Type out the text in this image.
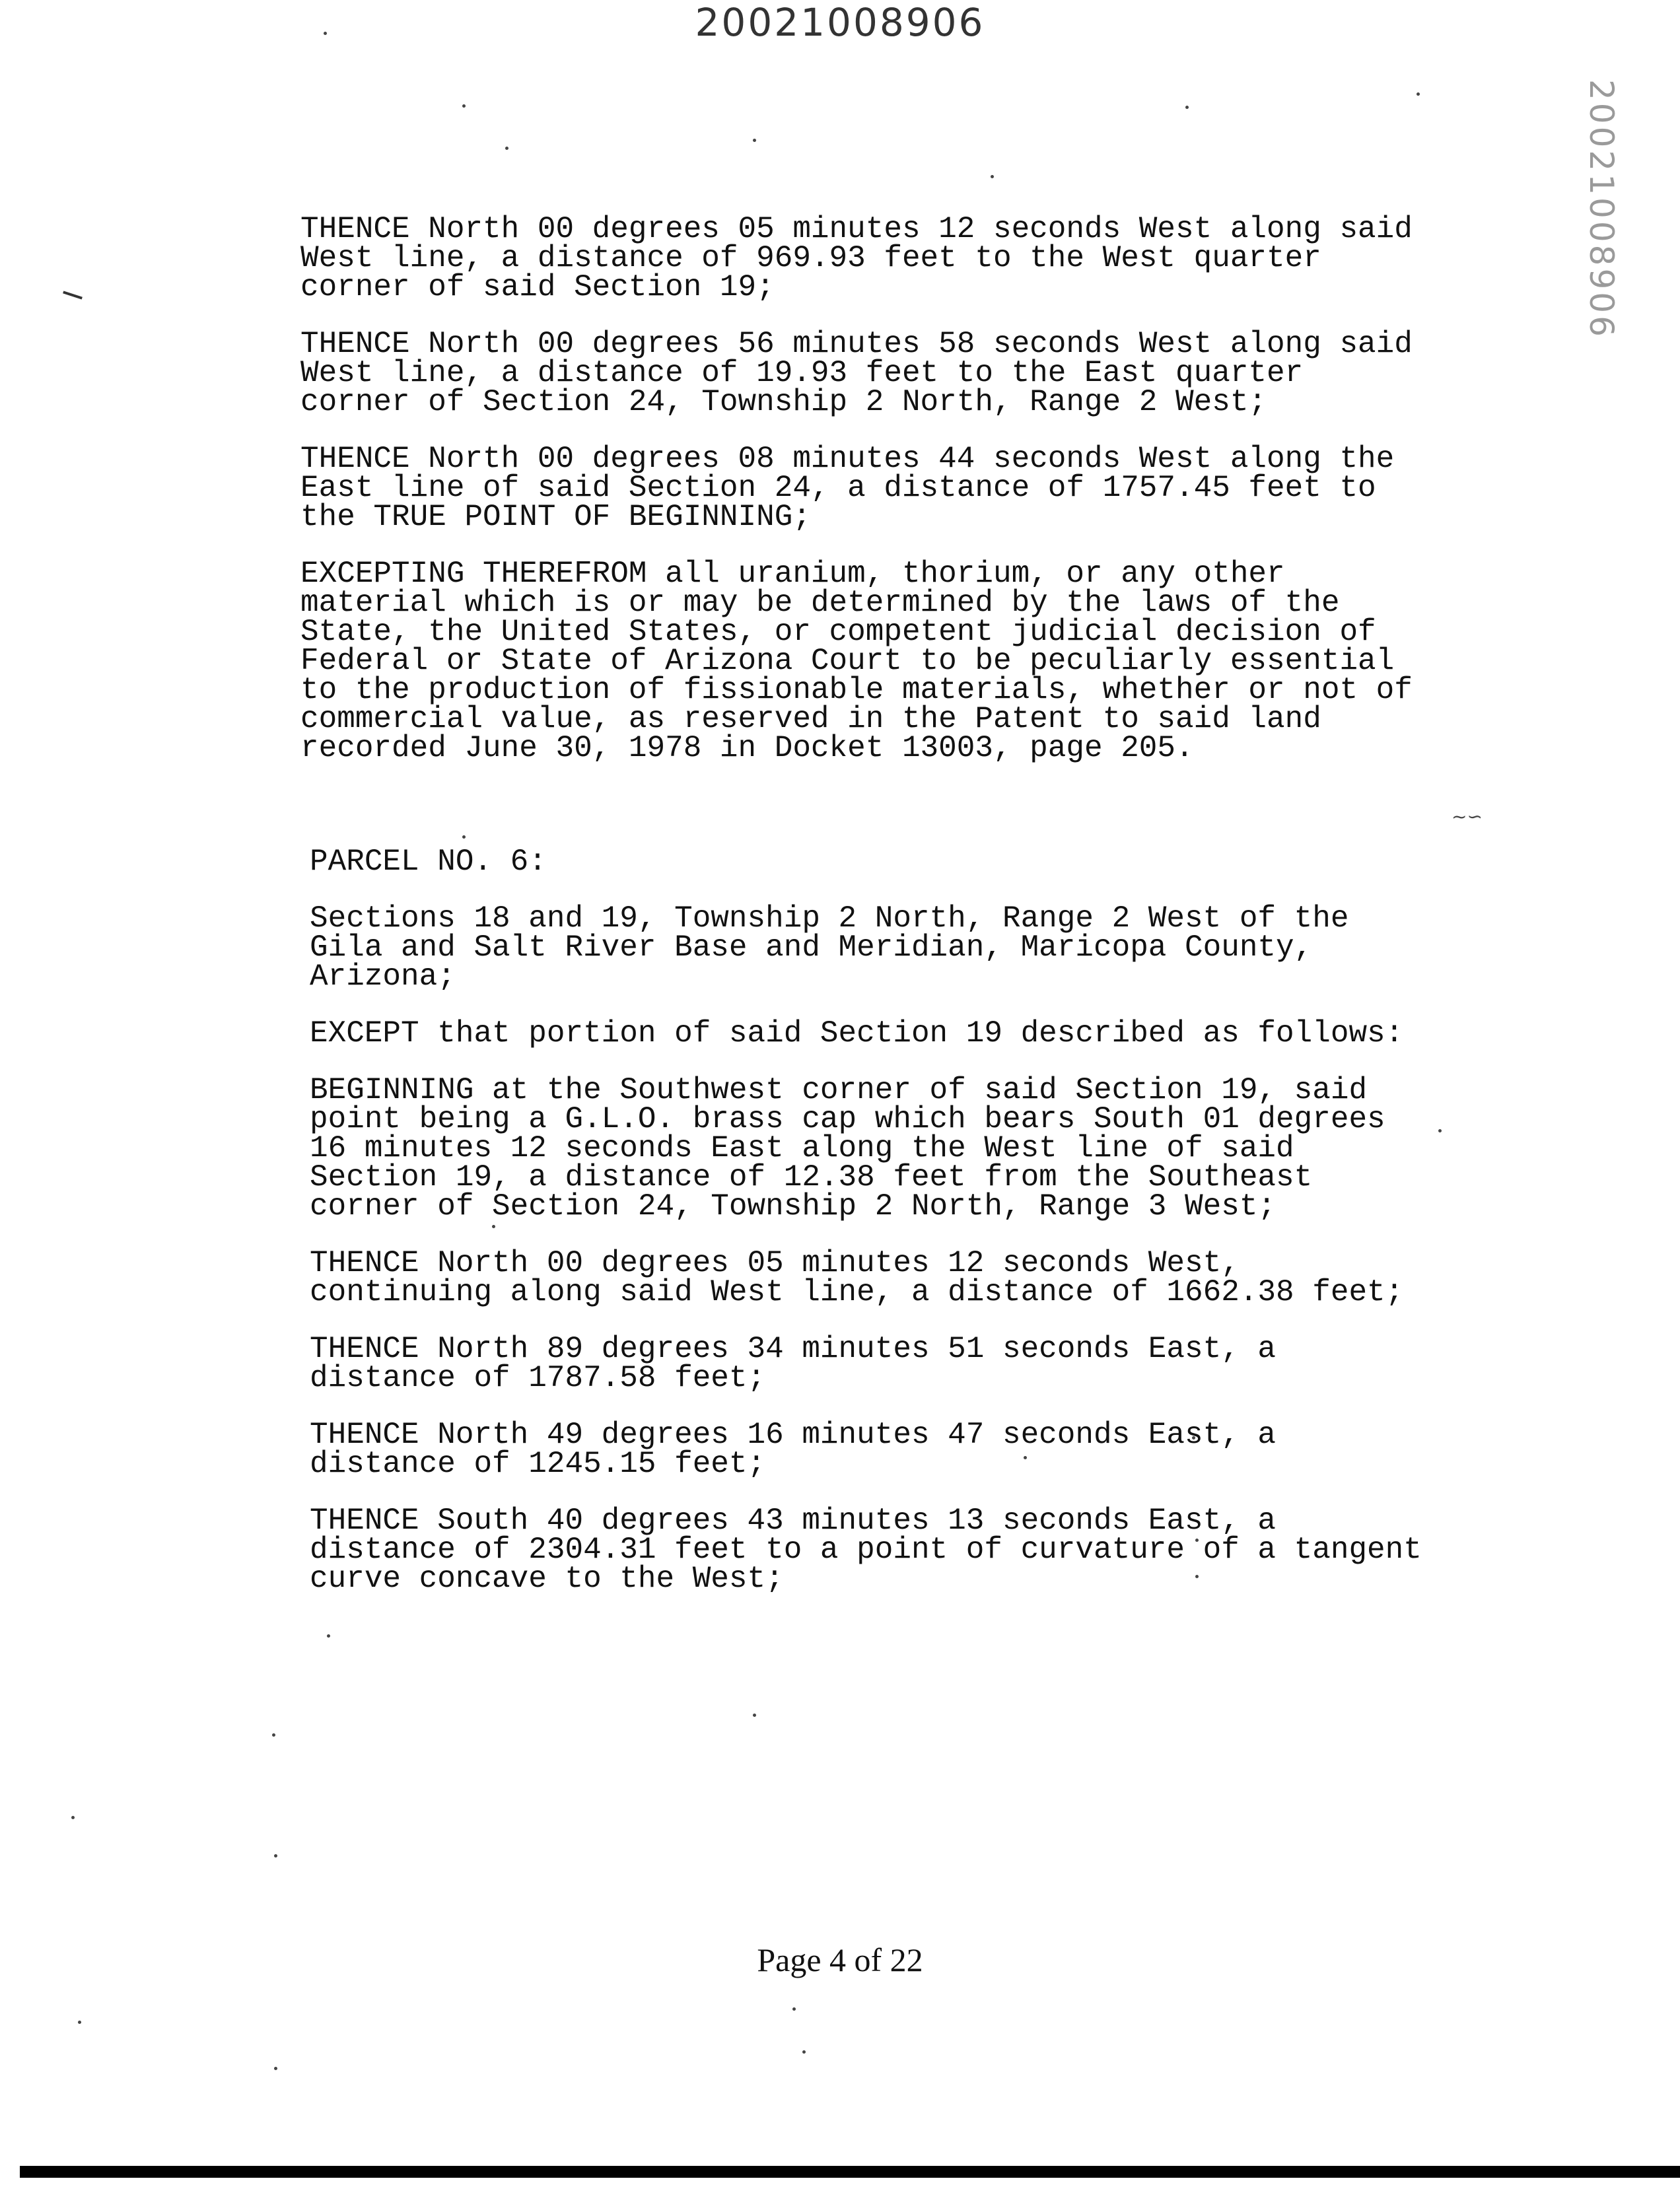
20021008906
20021008906
~∽

THENCE North 00 degrees 05 minutes 12 seconds West along said
West line, a distance of 969.93 feet to the West quarter
corner of said Section 19;

THENCE North 00 degrees 56 minutes 58 seconds West along said
West line, a distance of 19.93 feet to the East quarter
corner of Section 24, Township 2 North, Range 2 West;

THENCE North 00 degrees 08 minutes 44 seconds West along the
East line of said Section 24, a distance of 1757.45 feet to
the TRUE POINT OF BEGINNING;

EXCEPTING THEREFROM all uranium, thorium, or any other
material which is or may be determined by the laws of the
State, the United States, or competent judicial decision of
Federal or State of Arizona Court to be peculiarly essential
to the production of fissionable materials, whether or not of
commercial value, as reserved in the Patent to said land
recorded June 30, 1978 in Docket 13003, page 205.

PARCEL NO. 6:

Sections 18 and 19, Township 2 North, Range 2 West of the
Gila and Salt River Base and Meridian, Maricopa County,
Arizona;

EXCEPT that portion of said Section 19 described as follows:

BEGINNING at the Southwest corner of said Section 19, said
point being a G.L.O. brass cap which bears South 01 degrees
16 minutes 12 seconds East along the West line of said
Section 19, a distance of 12.38 feet from the Southeast
corner of Section 24, Township 2 North, Range 3 West;

THENCE North 00 degrees 05 minutes 12 seconds West,
continuing along said West line, a distance of 1662.38 feet;

THENCE North 89 degrees 34 minutes 51 seconds East, a
distance of 1787.58 feet;

THENCE North 49 degrees 16 minutes 47 seconds East, a
distance of 1245.15 feet;

THENCE South 40 degrees 43 minutes 13 seconds East, a
distance of 2304.31 feet to a point of curvature of a tangent
curve concave to the West;

Page 4 of 22
